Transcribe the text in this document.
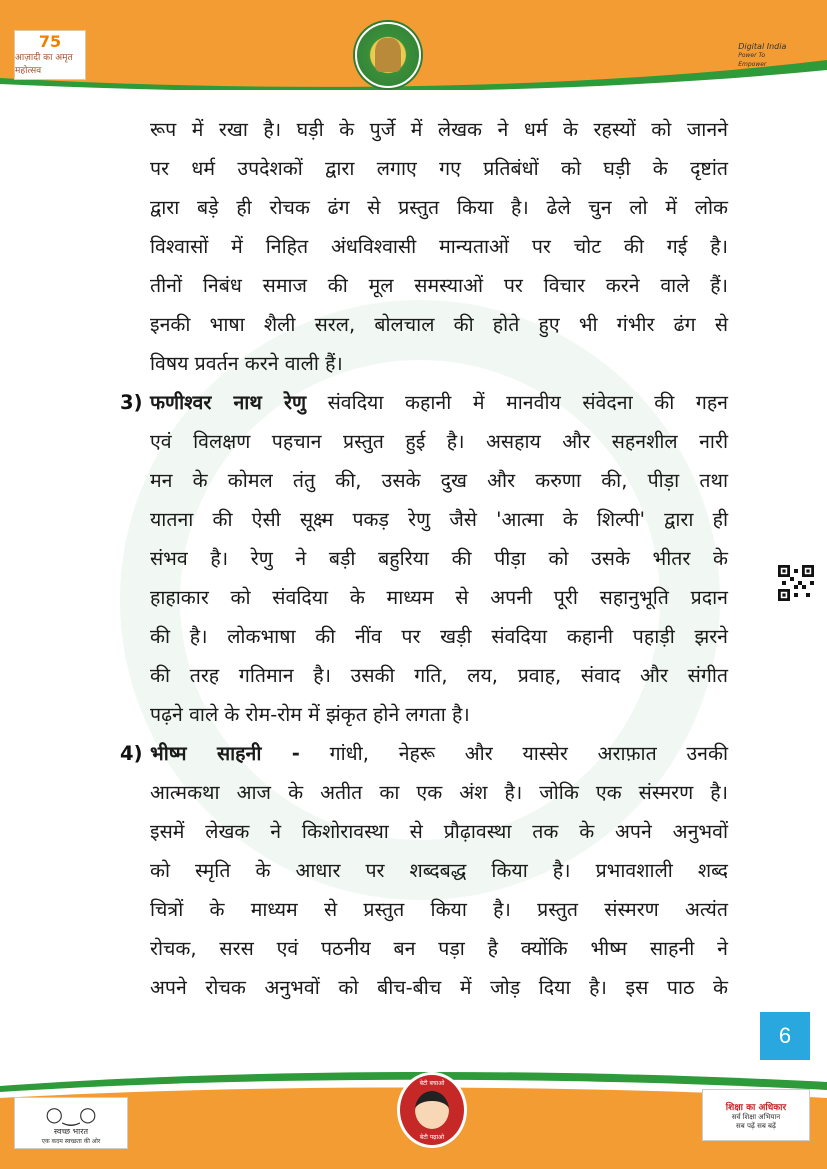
75
आज़ादी का अमृत महोत्सव
◔
Digital India
Power To Empower
रूप में रखा है। घड़ी के पुर्जे में लेखक ने धर्म के रहस्यों को जानने
पर धर्म उपदेशकों द्वारा लगाए गए प्रतिबंधों को घड़ी के दृष्टांत
द्वारा बड़े ही रोचक ढंग से प्रस्तुत किया है। ढेले चुन लो में लोक
विश्वासों में निहित अंधविश्वासी मान्यताओं पर चोट की गई है।
तीनों निबंध समाज की मूल समस्याओं पर विचार करने वाले हैं।
इनकी भाषा शैली सरल, बोलचाल की होते हुए भी गंभीर ढंग से
विषय प्रवर्तन करने वाली हैं।
3) फणीश्वर नाथ रेणु संवदिया कहानी में मानवीय संवेदना की गहन
एवं विलक्षण पहचान प्रस्तुत हुई है। असहाय और सहनशील नारी
मन के कोमल तंतु की, उसके दुख और करुणा की, पीड़ा तथा
यातना की ऐसी सूक्ष्म पकड़ रेणु जैसे 'आत्मा के शिल्पी' द्वारा ही
संभव है। रेणु ने बड़ी बहुरिया की पीड़ा को उसके भीतर के
हाहाकार को संवदिया के माध्यम से अपनी पूरी सहानुभूति प्रदान
की है। लोकभाषा की नींव पर खड़ी संवदिया कहानी पहाड़ी झरने
की तरह गतिमान है। उसकी गति, लय, प्रवाह, संवाद और संगीत
पढ़ने वाले के रोम-रोम में झंकृत होने लगता है।
4) भीष्म साहनी - गांधी, नेहरू और यास्सेर अराफ़ात उनकी
आत्मकथा आज के अतीत का एक अंश है। जोकि एक संस्मरण है।
इसमें लेखक ने किशोरावस्था से प्रौढ़ावस्था तक के अपने अनुभवों
को स्मृति के आधार पर शब्दबद्ध किया है। प्रभावशाली शब्द
चित्रों के माध्यम से प्रस्तुत किया है। प्रस्तुत संस्मरण अत्यंत
रोचक, सरस एवं पठनीय बन पड़ा है क्योंकि भीष्म साहनी ने
अपने रोचक अनुभवों को बीच-बीच में जोड़ दिया है। इस पाठ के
6
○‿○
स्वच्छ भारत
एक कदम स्वच्छता की ओर
बेटी बचाओ
बेटी पढ़ाओ
शिक्षा का अधिकार
सर्व शिक्षा अभियान
सब पढ़ें सब बढ़ें
